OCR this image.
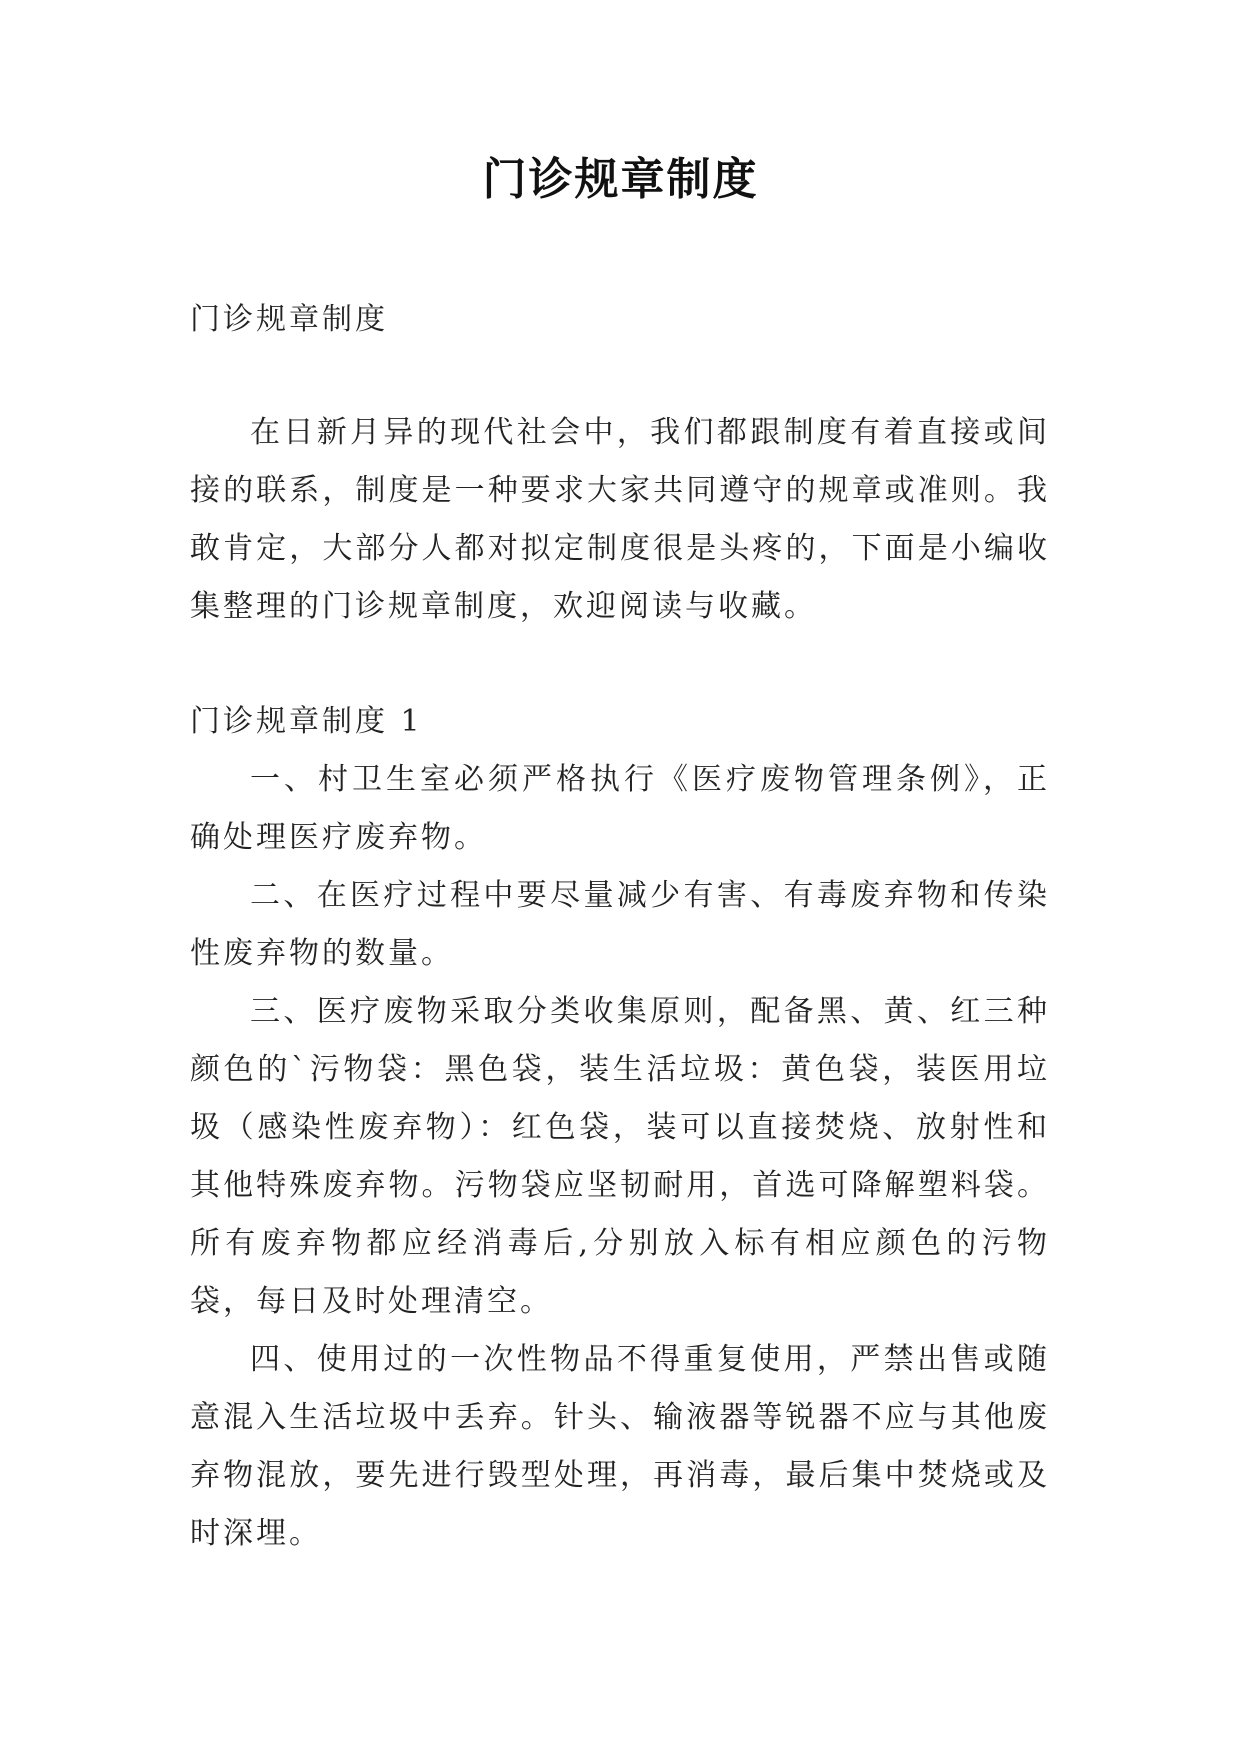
门诊规章制度
门诊规章制度

在日新月异的现代社会中，我们都跟制度有着直接或间接的联系，制度是一种要求大家共同遵守的规章或准则。我敢肯定，大部分人都对拟定制度很是头疼的，下面是小编收集整理的门诊规章制度，欢迎阅读与收藏。

门诊规章制度 1

一、村卫生室必须严格执行《医疗废物管理条例》，正确处理医疗废弃物。

二、在医疗过程中要尽量减少有害、有毒废弃物和传染性废弃物的数量。

三、医疗废物采取分类收集原则，配备黑、黄、红三种颜色的`污物袋：黑色袋，装生活垃圾：黄色袋，装医用垃圾（感染性废弃物）：红色袋，装可以直接焚烧、放射性和其他特殊废弃物。污物袋应坚韧耐用，首选可降解塑料袋。所有废弃物都应经消毒后,分别放入标有相应颜色的污物袋，每日及时处理清空。

四、使用过的一次性物品不得重复使用，严禁出售或随意混入生活垃圾中丢弃。针头、输液器等锐器不应与其他废弃物混放，要先进行毁型处理，再消毒，最后集中焚烧或及时深埋。
